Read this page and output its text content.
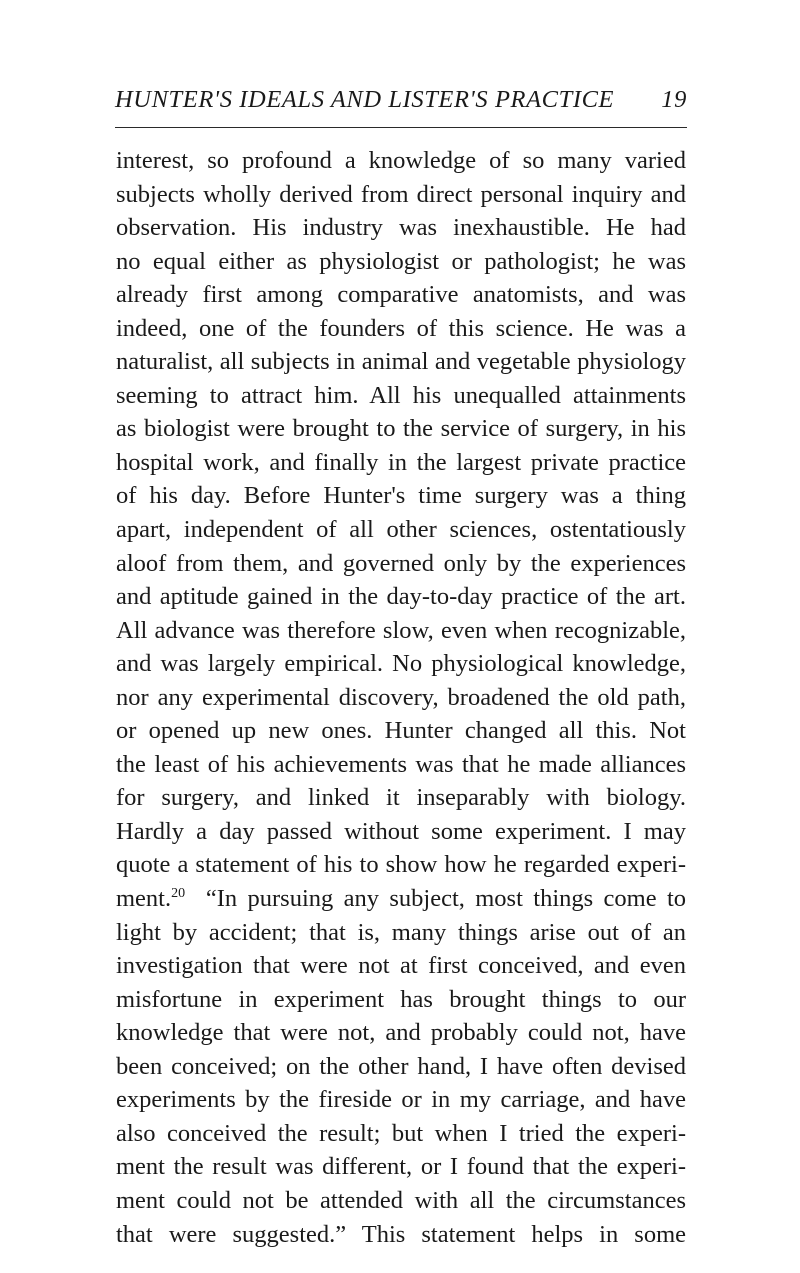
HUNTER'S IDEALS AND LISTER'S PRACTICE 19
interest, so profound a knowledge of so many varied
subjects wholly derived from direct personal inquiry and
observation. His industry was inexhaustible. He had
no equal either as physiologist or pathologist; he was
already first among comparative anatomists, and was
indeed, one of the founders of this science. He was a
naturalist, all subjects in animal and vegetable physiology
seeming to attract him. All his unequalled attainments
as biologist were brought to the service of surgery, in his
hospital work, and finally in the largest private practice
of his day. Before Hunter's time surgery was a thing
apart, independent of all other sciences, ostentatiously
aloof from them, and governed only by the experiences
and aptitude gained in the day-to-day practice of the art.
All advance was therefore slow, even when recognizable,
and was largely empirical. No physiological knowledge,
nor any experimental discovery, broadened the old path,
or opened up new ones. Hunter changed all this. Not
the least of his achievements was that he made alliances
for surgery, and linked it inseparably with biology.
Hardly a day passed without some experiment. I may
quote a statement of his to show how he regarded experi-
ment.$^{20}$ “In pursuing any subject, most things come to
light by accident; that is, many things arise out of an
investigation that were not at first conceived, and even
misfortune in experiment has brought things to our
knowledge that were not, and probably could not, have
been conceived; on the other hand, I have often devised
experiments by the fireside or in my carriage, and have
also conceived the result; but when I tried the experi-
ment the result was different, or I found that the experi-
ment could not be attended with all the circumstances
that were suggested.” This statement helps in some
